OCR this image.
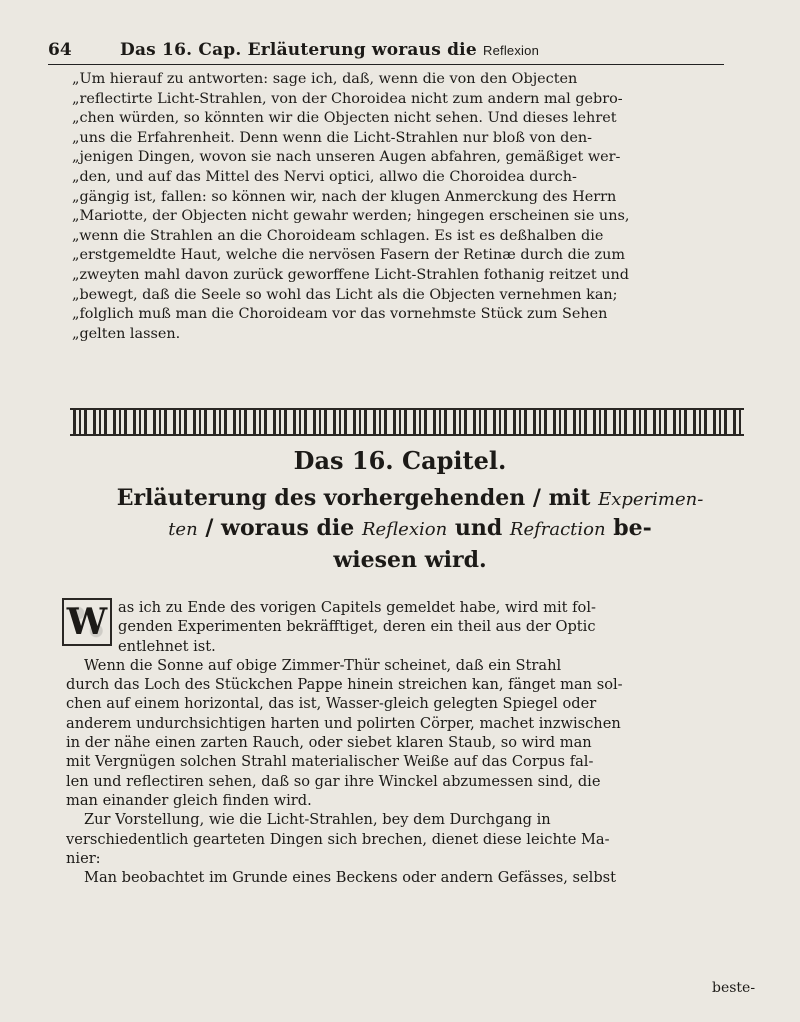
64	Das 16. Cap. Erläuterung woraus die Reflexion
„Um hierauf zu antworten: sage ich, daß, wenn die von den Objecten
„reflectirte Licht-Strahlen, von der Choroidea nicht zum andern mal gebro-
„chen würden, so könnten wir die Objecten nicht sehen. Und dieses lehret
„uns die Erfahrenheit. Denn wenn die Licht-Strahlen nur bloß von den-
„jenigen Dingen, wovon sie nach unseren Augen abfahren, gemäßiget wer-
„den, und auf das Mittel des Nervi optici, allwo die Choroidea durch-
„gängig ist, fallen: so können wir, nach der klugen Anmerckung des Herrn
„Mariotte, der Objecten nicht gewahr werden; hingegen erscheinen sie uns,
„wenn die Strahlen an die Choroideam schlagen. Es ist es deßhalben die
„erstgemeldte Haut, welche die nervösen Fasern der Retinæ durch die zum
„zweyten mahl davon zurück geworffene Licht-Strahlen fothanig reitzet und
„bewegt, daß die Seele so wohl das Licht als die Objecten vernehmen kan;
„folglich muß man die Choroideam vor das vornehmste Stück zum Sehen
„gelten lassen.
Das 16. Capitel.
Erläuterung des vorhergehenden / mit Experimen-
ten / woraus die Reflexion und Refraction be-
wiesen wird.
W as ich zu Ende des vorigen Capitels gemeldet habe, wird mit fol-
genden Experimenten bekräfftiget, deren ein theil aus der Optic
entlehnet ist.
Wenn die Sonne auf obige Zimmer-Thür scheinet, daß ein Strahl
durch das Loch des Stückchen Pappe hinein streichen kan, fänget man sol-
chen auf einem horizontal, das ist, Wasser-gleich gelegten Spiegel oder
anderem undurchsichtigen harten und polirten Cörper, machet inzwischen
in der nähe einen zarten Rauch, oder siebet klaren Staub, so wird man
mit Vergnügen solchen Strahl materialischer Weiße auf das Corpus fal-
len und reflectiren sehen, daß so gar ihre Winckel abzumessen sind, die
man einander gleich finden wird.
Zur Vorstellung, wie die Licht-Strahlen, bey dem Durchgang in
verschiedentlich gearteten Dingen sich brechen, dienet diese leichte Ma-
nier:
Man beobachtet im Grunde eines Beckens oder andern Gefässes, selbst
beste-
